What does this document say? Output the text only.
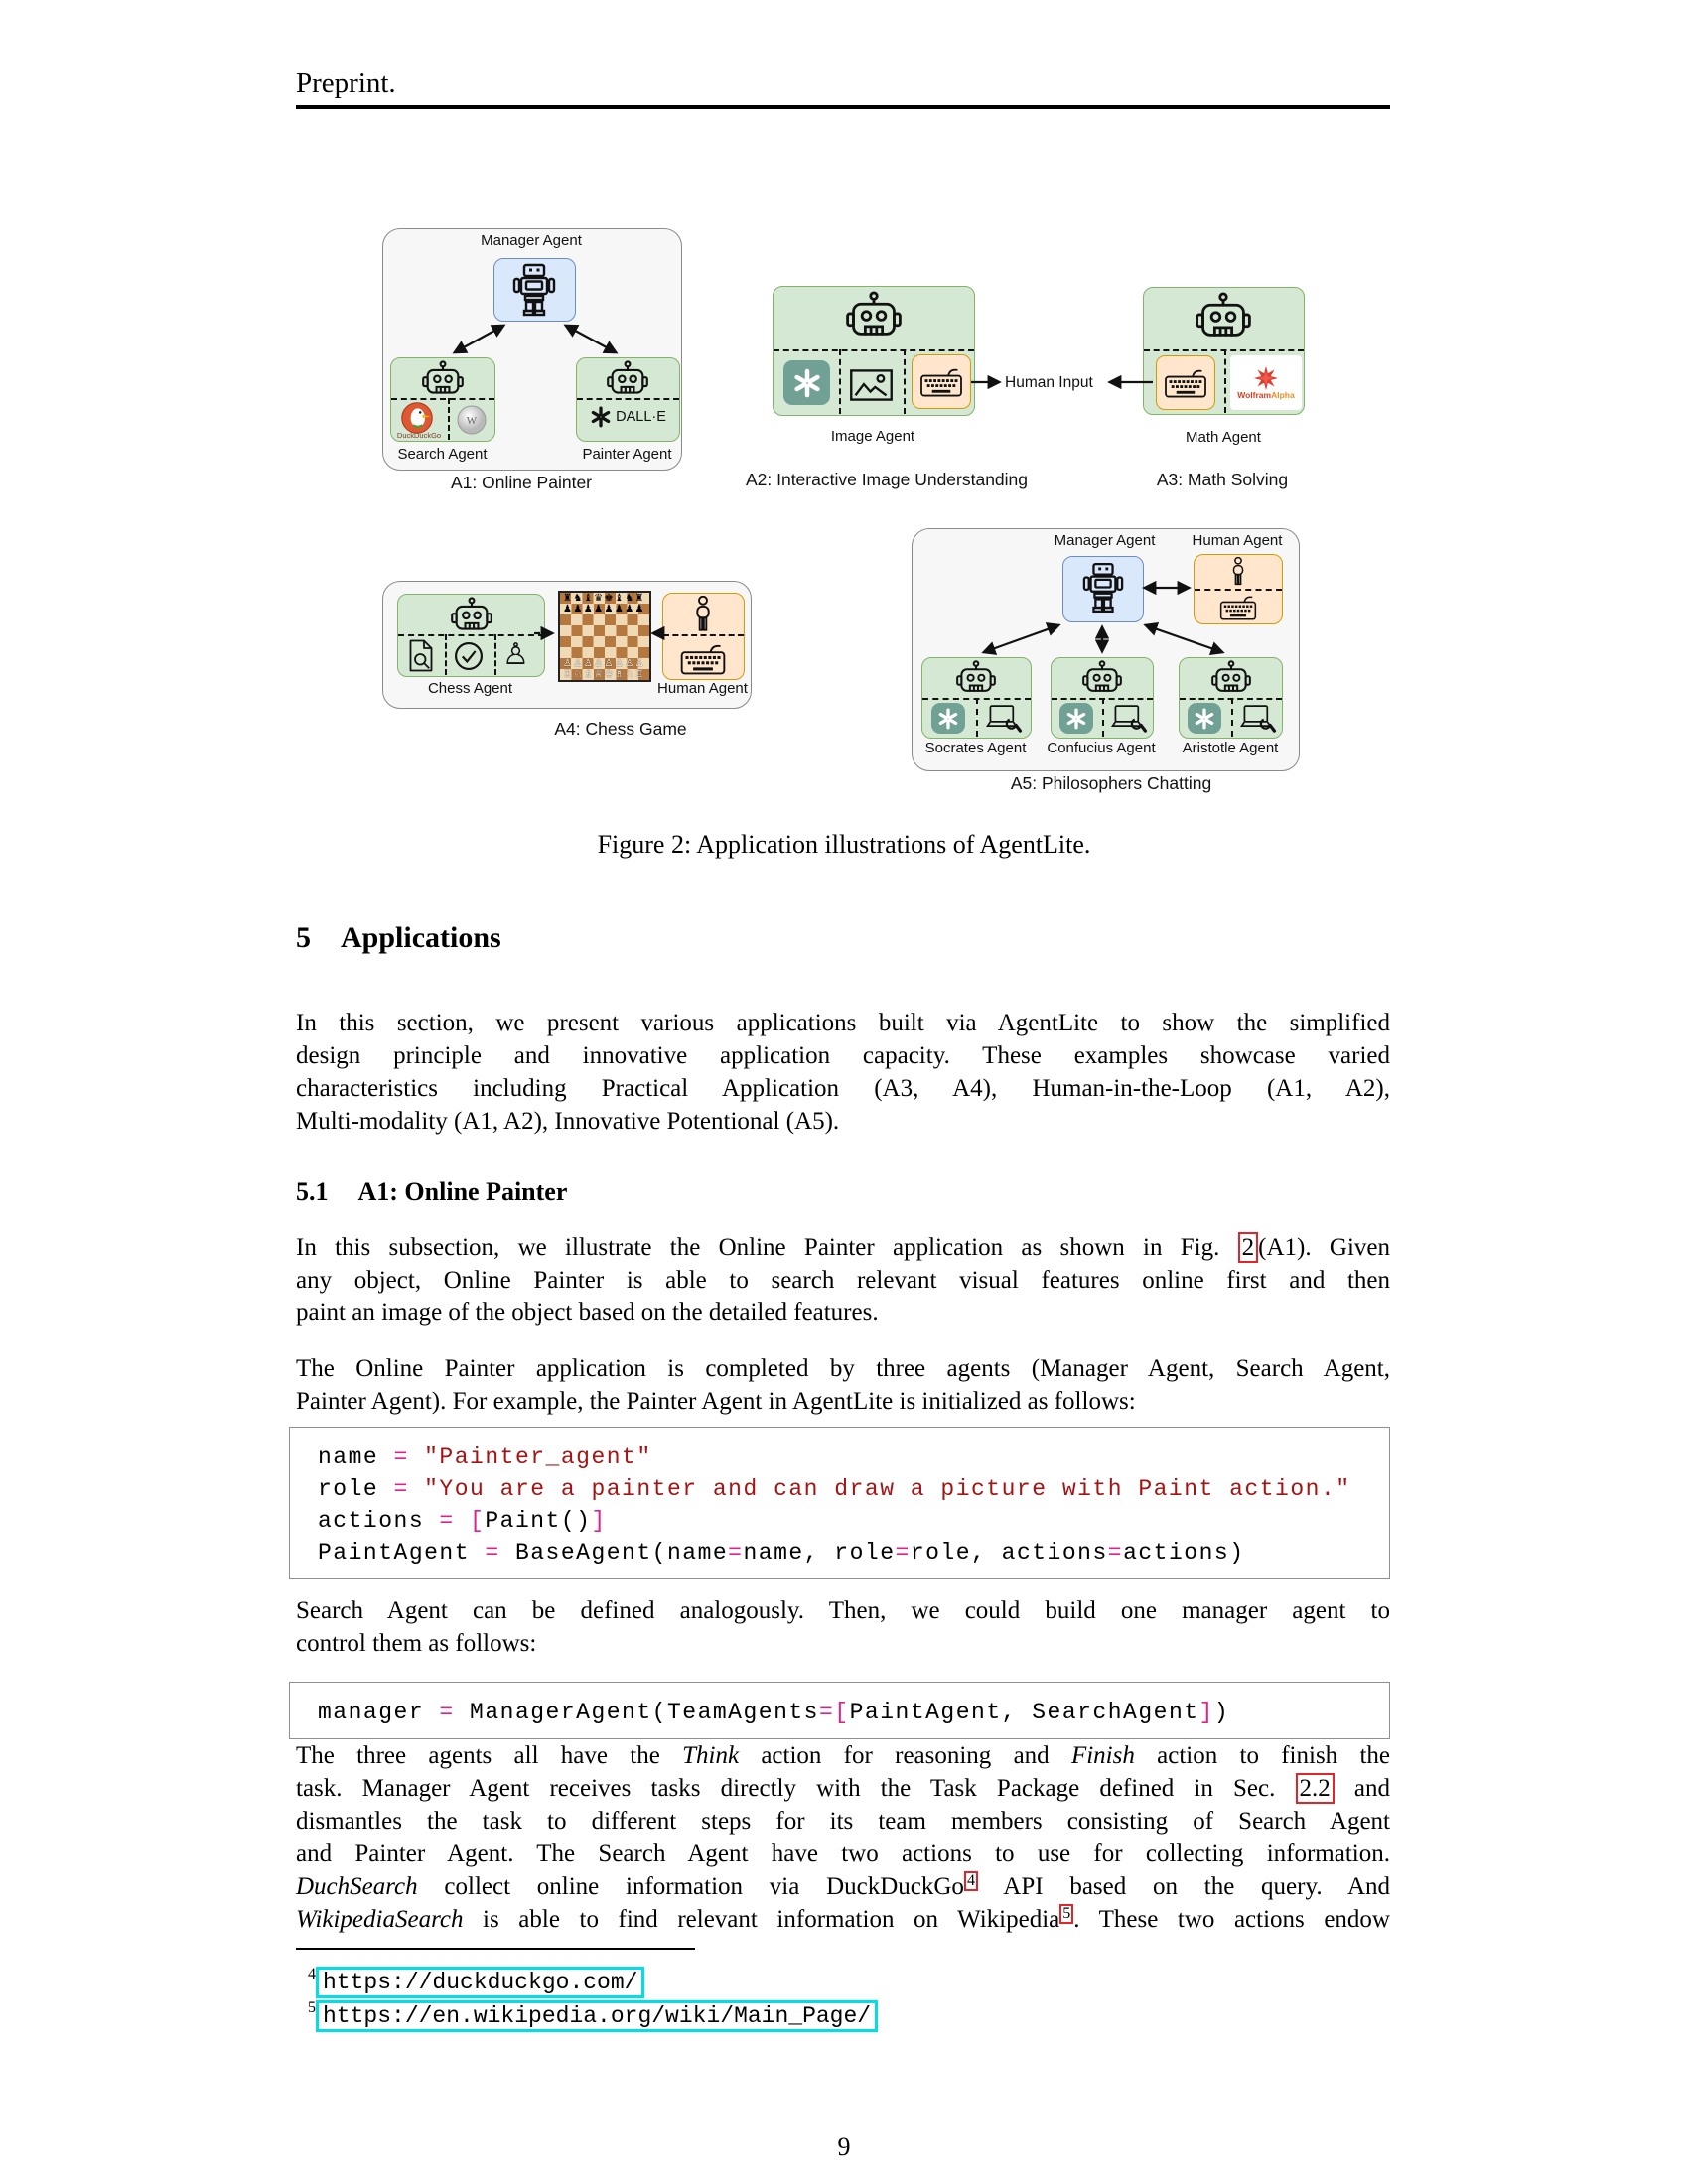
Preprint.
Manager Agent
DuckDuckGo
Search Agent
DALL·E
Painter Agent
A1: Online Painter
Image Agent
Human Input
A2: Interactive Image Understanding
WolframAlpha
Math Agent
A3: Math Solving
♙
Chess Agent
♜♞♝♛♚♝♞♜
♟♟♟♟♟♟♟♟
♙♙♙♙♙♙♙♙
♖♘♗♕♔♗♘♖
Human Agent
A4: Chess Game
Manager Agent	Human Agent
Socrates Agent	Confucius Agent	Aristotle Agent
A5: Philosophers Chatting
Figure 2: Application illustrations of AgentLite.
5 Applications
In this section, we present various applications built via AgentLite to show the simplified
design principle and innovative application capacity. These examples showcase varied
characteristics including Practical Application (A3, A4), Human-in-the-Loop (A1, A2),
Multi-modality (A1, A2), Innovative Potentional (A5).
5.1 A1: Online Painter
In this subsection, we illustrate the Online Painter application as shown in Fig. 2 (A1). Given
any object, Online Painter is able to search relevant visual features online first and then
paint an image of the object based on the detailed features.
The Online Painter application is completed by three agents (Manager Agent, Search Agent,
Painter Agent). For example, the Painter Agent in AgentLite is initialized as follows:
name = "Painter_agent"
role = "You are a painter and can draw a picture with Paint action."
actions = [Paint()]
PaintAgent = BaseAgent(name=name, role=role, actions=actions)
Search Agent can be defined analogously. Then, we could build one manager agent to
control them as follows:
manager = ManagerAgent(TeamAgents=[PaintAgent, SearchAgent])
The three agents all have the Think action for reasoning and Finish action to finish the
task. Manager Agent receives tasks directly with the Task Package defined in Sec. 2.2 and
dismantles the task to different steps for its team members consisting of Search Agent
and Painter Agent. The Search Agent have two actions to use for collecting information.
DuchSearch collect online information via DuckDuckGo 4 API based on the query. And
WikipediaSearch is able to find relevant information on Wikipedia 5 . These two actions endow
$^4$ https://duckduckgo.com/
$^5$ https://en.wikipedia.org/wiki/Main_Page/
9
